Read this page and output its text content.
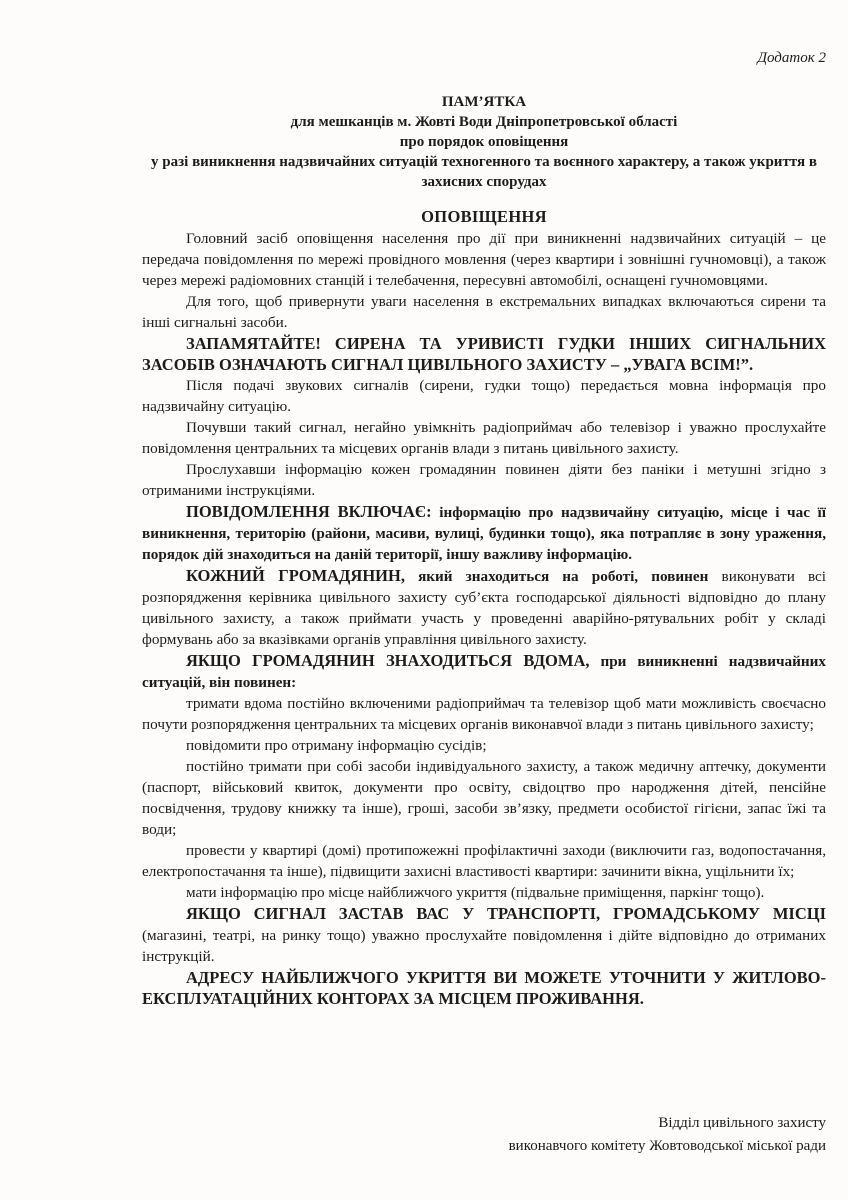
Додаток 2
ПАМ’ЯТКА
для мешканців м. Жовті Води Дніпропетровської області
про порядок оповіщення
у разі виникнення надзвичайних ситуацій техногенного та воєнного характеру, а також укриття в захисних спорудах
ОПОВІЩЕННЯ

Головний засіб оповіщення населення про дії при виникненні надзвичайних ситуацій – це передача повідомлення по мережі провідного мовлення (через квартири і зовнішні гучномовці), а також через мережі радіомовних станцій і телебачення, пересувні автомобілі, оснащені гучномовцями.

Для того, щоб привернути уваги населення в екстремальних випадках включаються сирени та інші сигнальні засоби.

ЗАПАМЯТАЙТЕ! СИРЕНА ТА УРИВИСТІ ГУДКИ ІНШИХ СИГНАЛЬНИХ ЗАСОБІВ ОЗНАЧАЮТЬ СИГНАЛ ЦИВІЛЬНОГО ЗАХИСТУ – „УВАГА ВСІМ!”.

Після подачі звукових сигналів (сирени, гудки тощо) передається мовна інформація про надзвичайну ситуацію.

Почувши такий сигнал, негайно увімкніть радіоприймач або телевізор і уважно прослухайте повідомлення центральних та місцевих органів влади з питань цивільного захисту.

Прослухавши інформацію кожен громадянин повинен діяти без паніки і метушні згідно з отриманими інструкціями.

ПОВІДОМЛЕННЯ ВКЛЮЧАЄ: інформацію про надзвичайну ситуацію, місце і час її виникнення, територію (райони, масиви, вулиці, будинки тощо), яка потрапляє в зону ураження, порядок дій знаходиться на даній території, іншу важливу інформацію.

КОЖНИЙ ГРОМАДЯНИН, який знаходиться на роботі, повинен виконувати всі розпорядження керівника цивільного захисту суб’єкта господарської діяльності відповідно до плану цивільного захисту, а також приймати участь у проведенні аварійно-рятувальних робіт у складі формувань або за вказівками органів управління цивільного захисту.

ЯКЩО ГРОМАДЯНИН ЗНАХОДИТЬСЯ ВДОМА, при виникненні надзвичайних ситуацій, він повинен:

тримати вдома постійно включеними радіоприймач та телевізор щоб мати можливість своєчасно почути розпорядження центральних та місцевих органів виконавчої влади з питань цивільного захисту;

повідомити про отриману інформацію сусідів;

постійно тримати при собі засоби індивідуального захисту, а також медичну аптечку, документи (паспорт, військовий квиток, документи про освіту, свідоцтво про народження дітей, пенсійне посвідчення, трудову книжку та інше), гроші, засоби зв’язку, предмети особистої гігієни, запас їжі та води;

провести у квартирі (домі) протипожежні профілактичні заходи (виключити газ, водопостачання, електропостачання та інше), підвищити захисні властивості квартири: зачинити вікна, ущільнити їх;

мати інформацію про місце найближчого укриття (підвальне приміщення, паркінг тощо).

ЯКЩО СИГНАЛ ЗАСТАВ ВАС У ТРАНСПОРТІ, ГРОМАДСЬКОМУ МІСЦІ (магазині, театрі, на ринку тощо) уважно прослухайте повідомлення і дійте відповідно до отриманих інструкцій.

АДРЕСУ НАЙБЛИЖЧОГО УКРИТТЯ ВИ МОЖЕТЕ УТОЧНИТИ У ЖИТЛОВО-ЕКСПЛУАТАЦІЙНИХ КОНТОРАХ ЗА МІСЦЕМ ПРОЖИВАННЯ.

Відділ цивільного захисту
виконавчого комітету Жовтоводської міської ради
